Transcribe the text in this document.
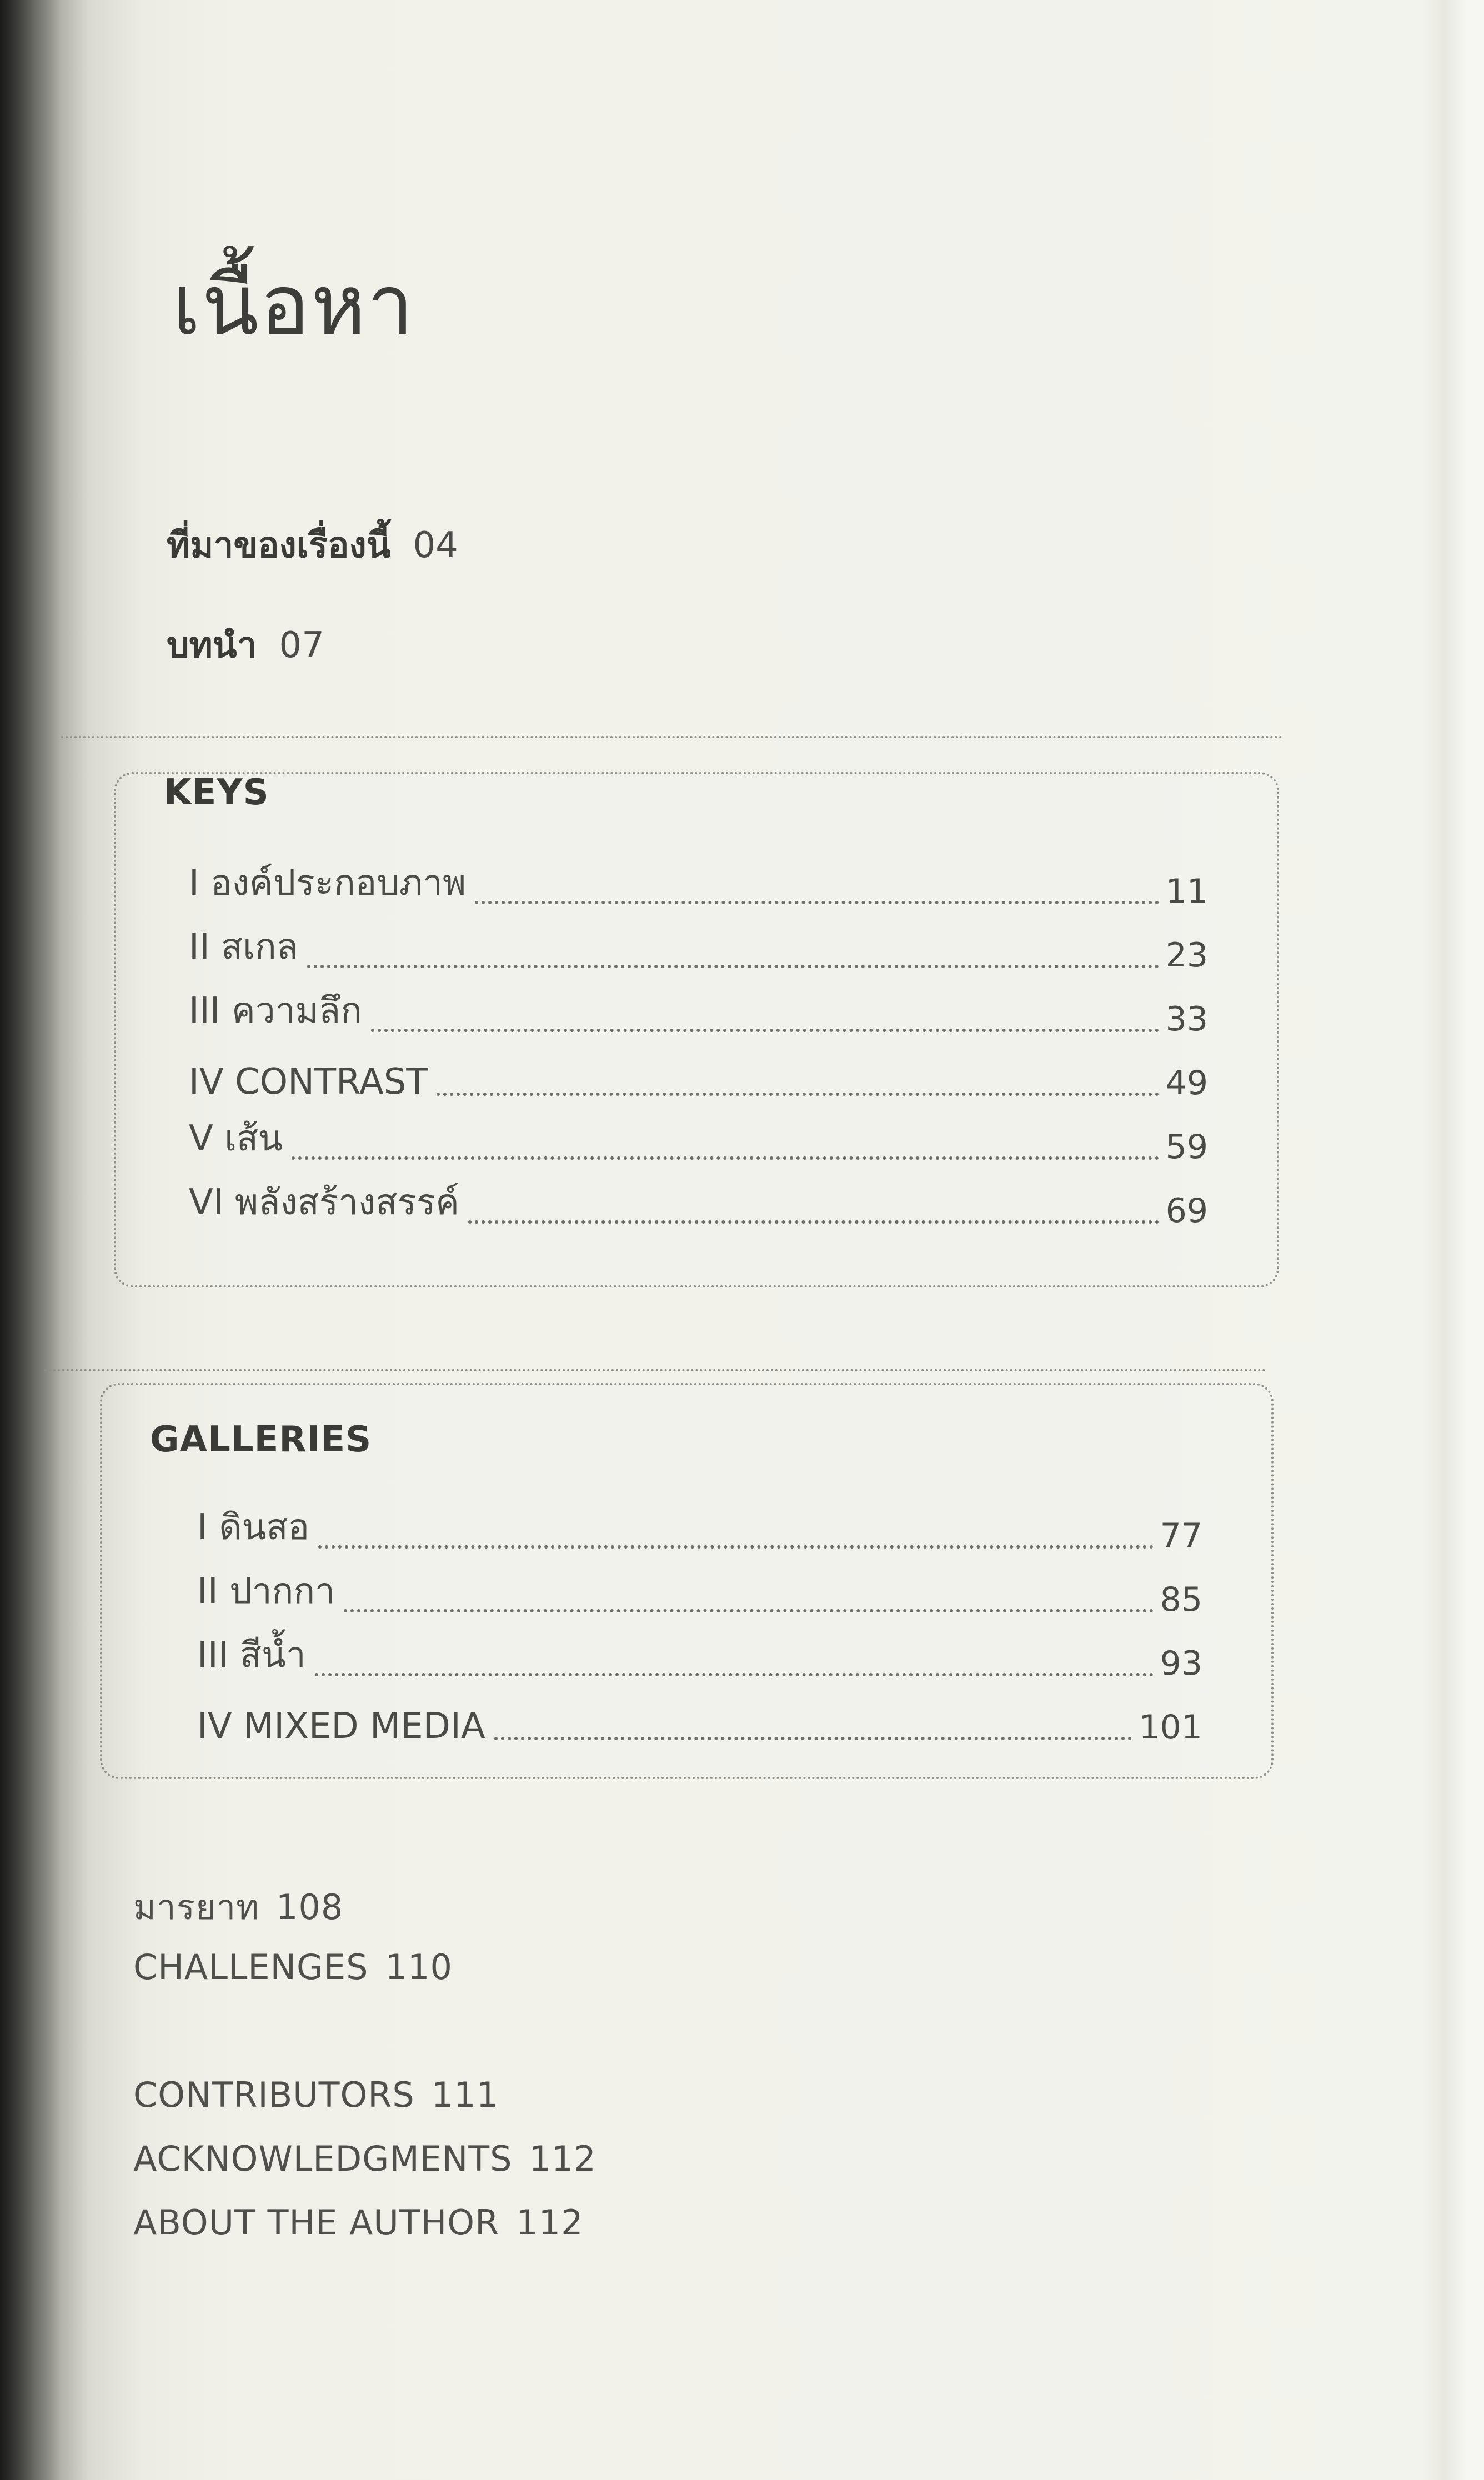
เนื้อหา
ที่มาของเรื่องนี้ 04
บทนำ 07
KEYS
I องค์ประกอบภาพ	11
II สเกล	23
III ความลึก	33
IV CONTRAST	49
V เส้น	59
VI พลังสร้างสรรค์	69
GALLERIES
I ดินสอ	77
II ปากกา	85
III สีน้ำ	93
IV MIXED MEDIA	101
มารยาท 108
CHALLENGES 110
CONTRIBUTORS 111
ACKNOWLEDGMENTS 112
ABOUT THE AUTHOR 112
